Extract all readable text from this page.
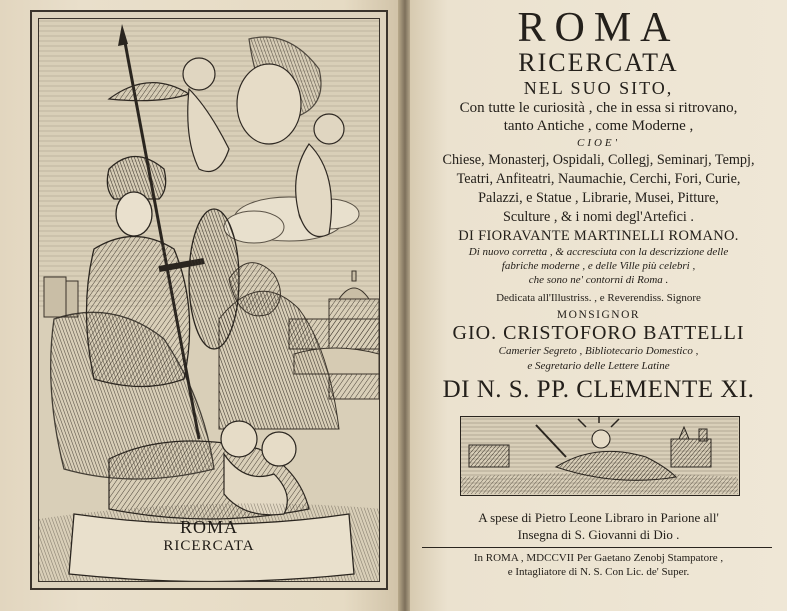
ROMA
RICERCATA
ROMA
RICERCATA
NEL SUO SITO,
Con tutte le curiosità , che in essa si ritrovano,
tanto Antiche , come Moderne ,
CIOE'
Chiese, Monasterj, Ospidali, Collegj, Seminarj, Tempj,
Teatri, Anfiteatri, Naumachie, Cerchi, Fori, Curie,
Palazzi, e Statue , Librarie, Musei, Pitture,
Sculture , & i nomi degl'Artefici .
DI FIORAVANTE MARTINELLI ROMANO.
Di nuovo corretta , & accresciuta con la descrizzione delle
fabriche moderne , e delle Ville più celebri ,
che sono ne' contorni di Roma .
Dedicata all'Illustriss. , e Reverendiss. Signore
MONSIGNOR
GIO. CRISTOFORO BATTELLI
Camerier Segreto , Bibliotecario Domestico ,
e Segretario delle Lettere Latine
DI N. S. PP. CLEMENTE XI.
A spese di Pietro Leone Libraro in Parione all'
Insegna di S. Giovanni di Dio .
In ROMA , MDCCVII Per Gaetano Zenobj Stampatore ,
e Intagliatore di N. S. Con Lic. de' Super.
